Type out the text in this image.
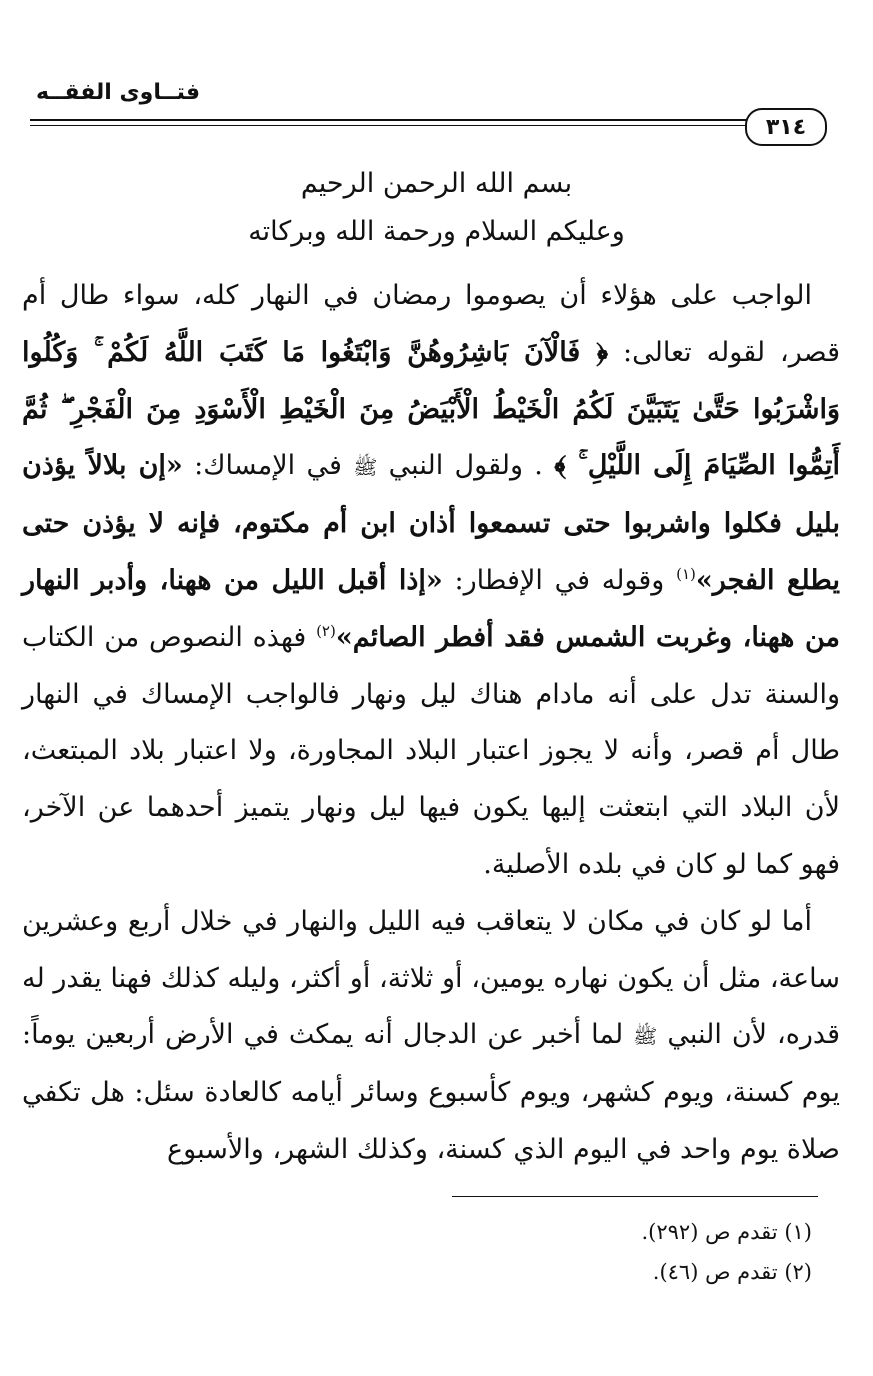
فتــاوى الفقــه
٣١٤
بسم الله الرحمن الرحيم
وعليكم السلام ورحمة الله وبركاته

الواجب على هؤلاء أن يصوموا رمضان في النهار كله، سواء طال أم قصر، لقوله تعالى: ﴿ فَالْآنَ بَاشِرُوهُنَّ وَابْتَغُوا مَا كَتَبَ اللَّهُ لَكُمْ ۚ وَكُلُوا وَاشْرَبُوا حَتَّىٰ يَتَبَيَّنَ لَكُمُ الْخَيْطُ الْأَبْيَضُ مِنَ الْخَيْطِ الْأَسْوَدِ مِنَ الْفَجْرِ ۖ ثُمَّ أَتِمُّوا الصِّيَامَ إِلَى اللَّيْلِ ۚ ﴾ . ولقول النبي ﷺ في الإمساك: «إن بلالاً يؤذن بليل فكلوا واشربوا حتى تسمعوا أذان ابن أم مكتوم، فإنه لا يؤذن حتى يطلع الفجر»$^{(١)}$ وقوله في الإفطار: «إذا أقبل الليل من ههنا، وأدبر النهار من ههنا، وغربت الشمس فقد أفطر الصائم»$^{(٢)}$ فهذه النصوص من الكتاب والسنة تدل على أنه مادام هناك ليل ونهار فالواجب الإمساك في النهار طال أم قصر، وأنه لا يجوز اعتبار البلاد المجاورة، ولا اعتبار بلاد المبتعث، لأن البلاد التي ابتعثت إليها يكون فيها ليل ونهار يتميز أحدهما عن الآخر، فهو كما لو كان في بلده الأصلية.

أما لو كان في مكان لا يتعاقب فيه الليل والنهار في خلال أربع وعشرين ساعة، مثل أن يكون نهاره يومين، أو ثلاثة، أو أكثر، وليله كذلك فهنا يقدر له قدره، لأن النبي ﷺ لما أخبر عن الدجال أنه يمكث في الأرض أربعين يوماً: يوم كسنة، ويوم كشهر، ويوم كأسبوع وسائر أيامه كالعادة سئل: هل تكفي صلاة يوم واحد في اليوم الذي كسنة، وكذلك الشهر، والأسبوع

(١) تقدم ص (٢٩٢).
(٢) تقدم ص (٤٦).
